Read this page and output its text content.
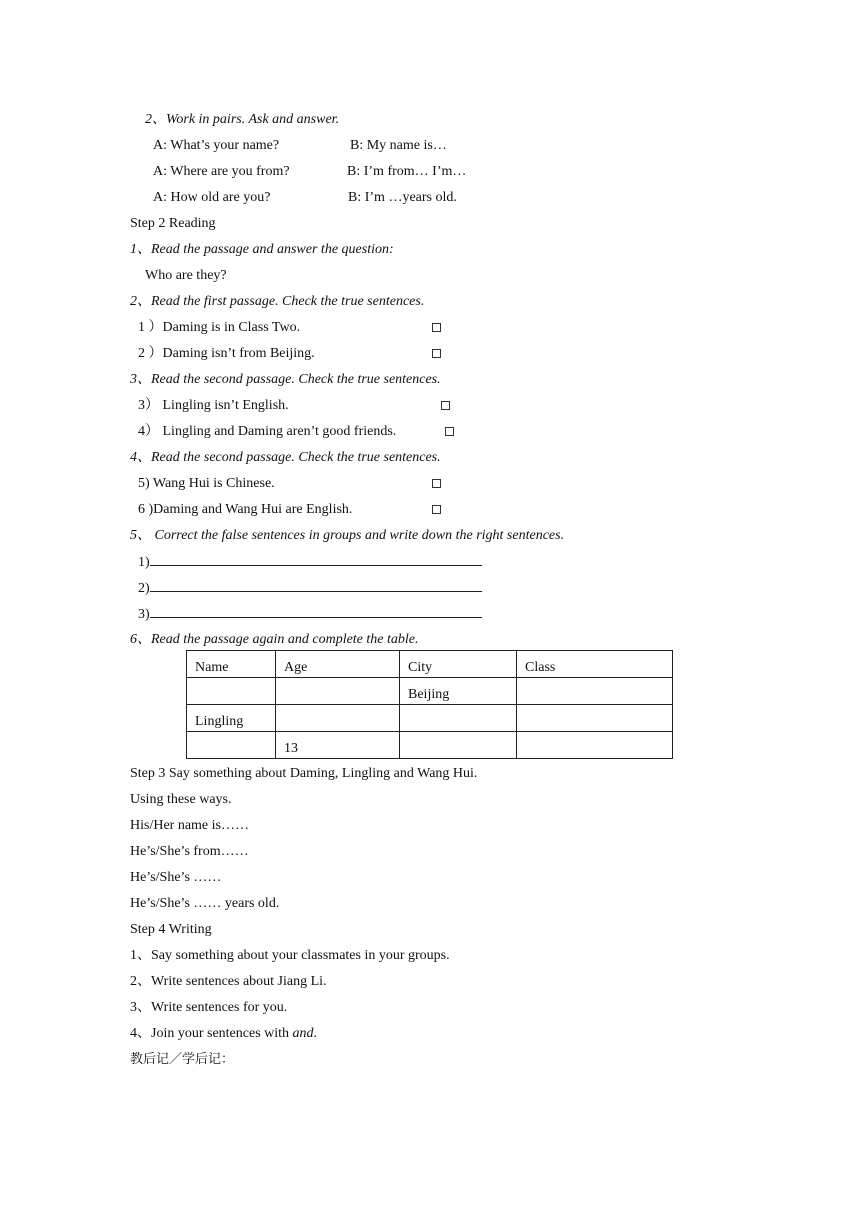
2、Work in pairs. Ask and answer.
A: What’s your name?	B: My name is…
A: Where are you from?	B: I’m from… I’m…
A: How old are you?	B: I’m …years old.
Step 2 Reading
1、Read the passage and answer the question:
Who are they?
2、Read the first passage. Check the true sentences.
1 ）Daming is in Class Two.
2 ）Daming isn’t from Beijing.
3、Read the second passage. Check the true sentences.
3） Lingling isn’t English.
4） Lingling and Daming aren’t good friends.
4、Read the second passage. Check the true sentences.
5) Wang Hui is Chinese.
6 )Daming and Wang Hui are English.
5、 Correct the false sentences in groups and write down the right sentences.
1)
2)
3)
6、Read the passage again and complete the table.
Name	Age	City	Class
		Beijing	
Lingling			
	13		
Step 3 Say something about Daming, Lingling and Wang Hui.
Using these ways.
His/Her name is……
He’s/She’s from……
He’s/She’s ……
He’s/She’s …… years old.
Step 4 Writing
1、Say something about your classmates in your groups.
2、Write sentences about Jiang Li.
3、Write sentences for you.
4、Join your sentences with and.
教后记／学后记：
